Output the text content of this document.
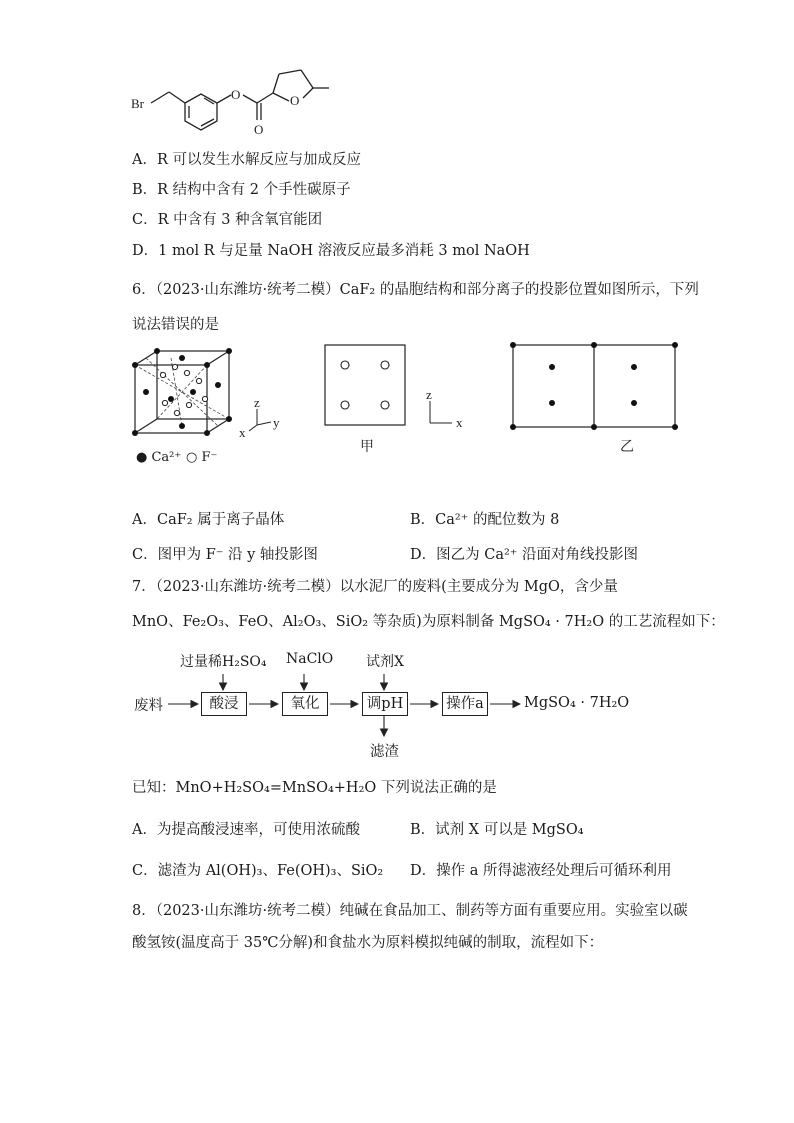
Br
O
O
O
A．R 可以发生水解反应与加成反应
B．R 结构中含有 2 个手性碳原子
C．R 中含有 3 种含氧官能团
D．1 mol R 与足量 NaOH 溶液反应最多消耗 3 mol NaOH
6．（2023·山东潍坊·统考二模）CaF₂ 的晶胞结构和部分离子的投影位置如图所示，下列
说法错误的是
z
y
x
● Ca²⁺ ○ F⁻
甲
z
x
乙
A．CaF₂ 属于离子晶体	B．Ca²⁺ 的配位数为 8
C．图甲为 F⁻ 沿 y 轴投影图	D．图乙为 Ca²⁺ 沿面对角线投影图
7．（2023·山东潍坊·统考二模）以水泥厂的废料(主要成分为 MgO，含少量
MnO、Fe₂O₃、FeO、Al₂O₃、SiO₂ 等杂质)为原料制备 MgSO₄ · 7H₂O 的工艺流程如下：
过量稀H₂SO₄ NaClO 试剂X
废料	酸浸	氧化	调pH	操作a	MgSO₄ · 7H₂O
滤渣
已知：MnO+H₂SO₄=MnSO₄+H₂O 下列说法正确的是
A．为提高酸浸速率，可使用浓硫酸	B．试剂 X 可以是 MgSO₄
C．滤渣为 Al(OH)₃、Fe(OH)₃、SiO₂ D．操作 a 所得滤液经处理后可循环利用
8．（2023·山东潍坊·统考二模）纯碱在食品加工、制药等方面有重要应用。实验室以碳
酸氢铵(温度高于 35℃分解)和食盐水为原料模拟纯碱的制取，流程如下：
